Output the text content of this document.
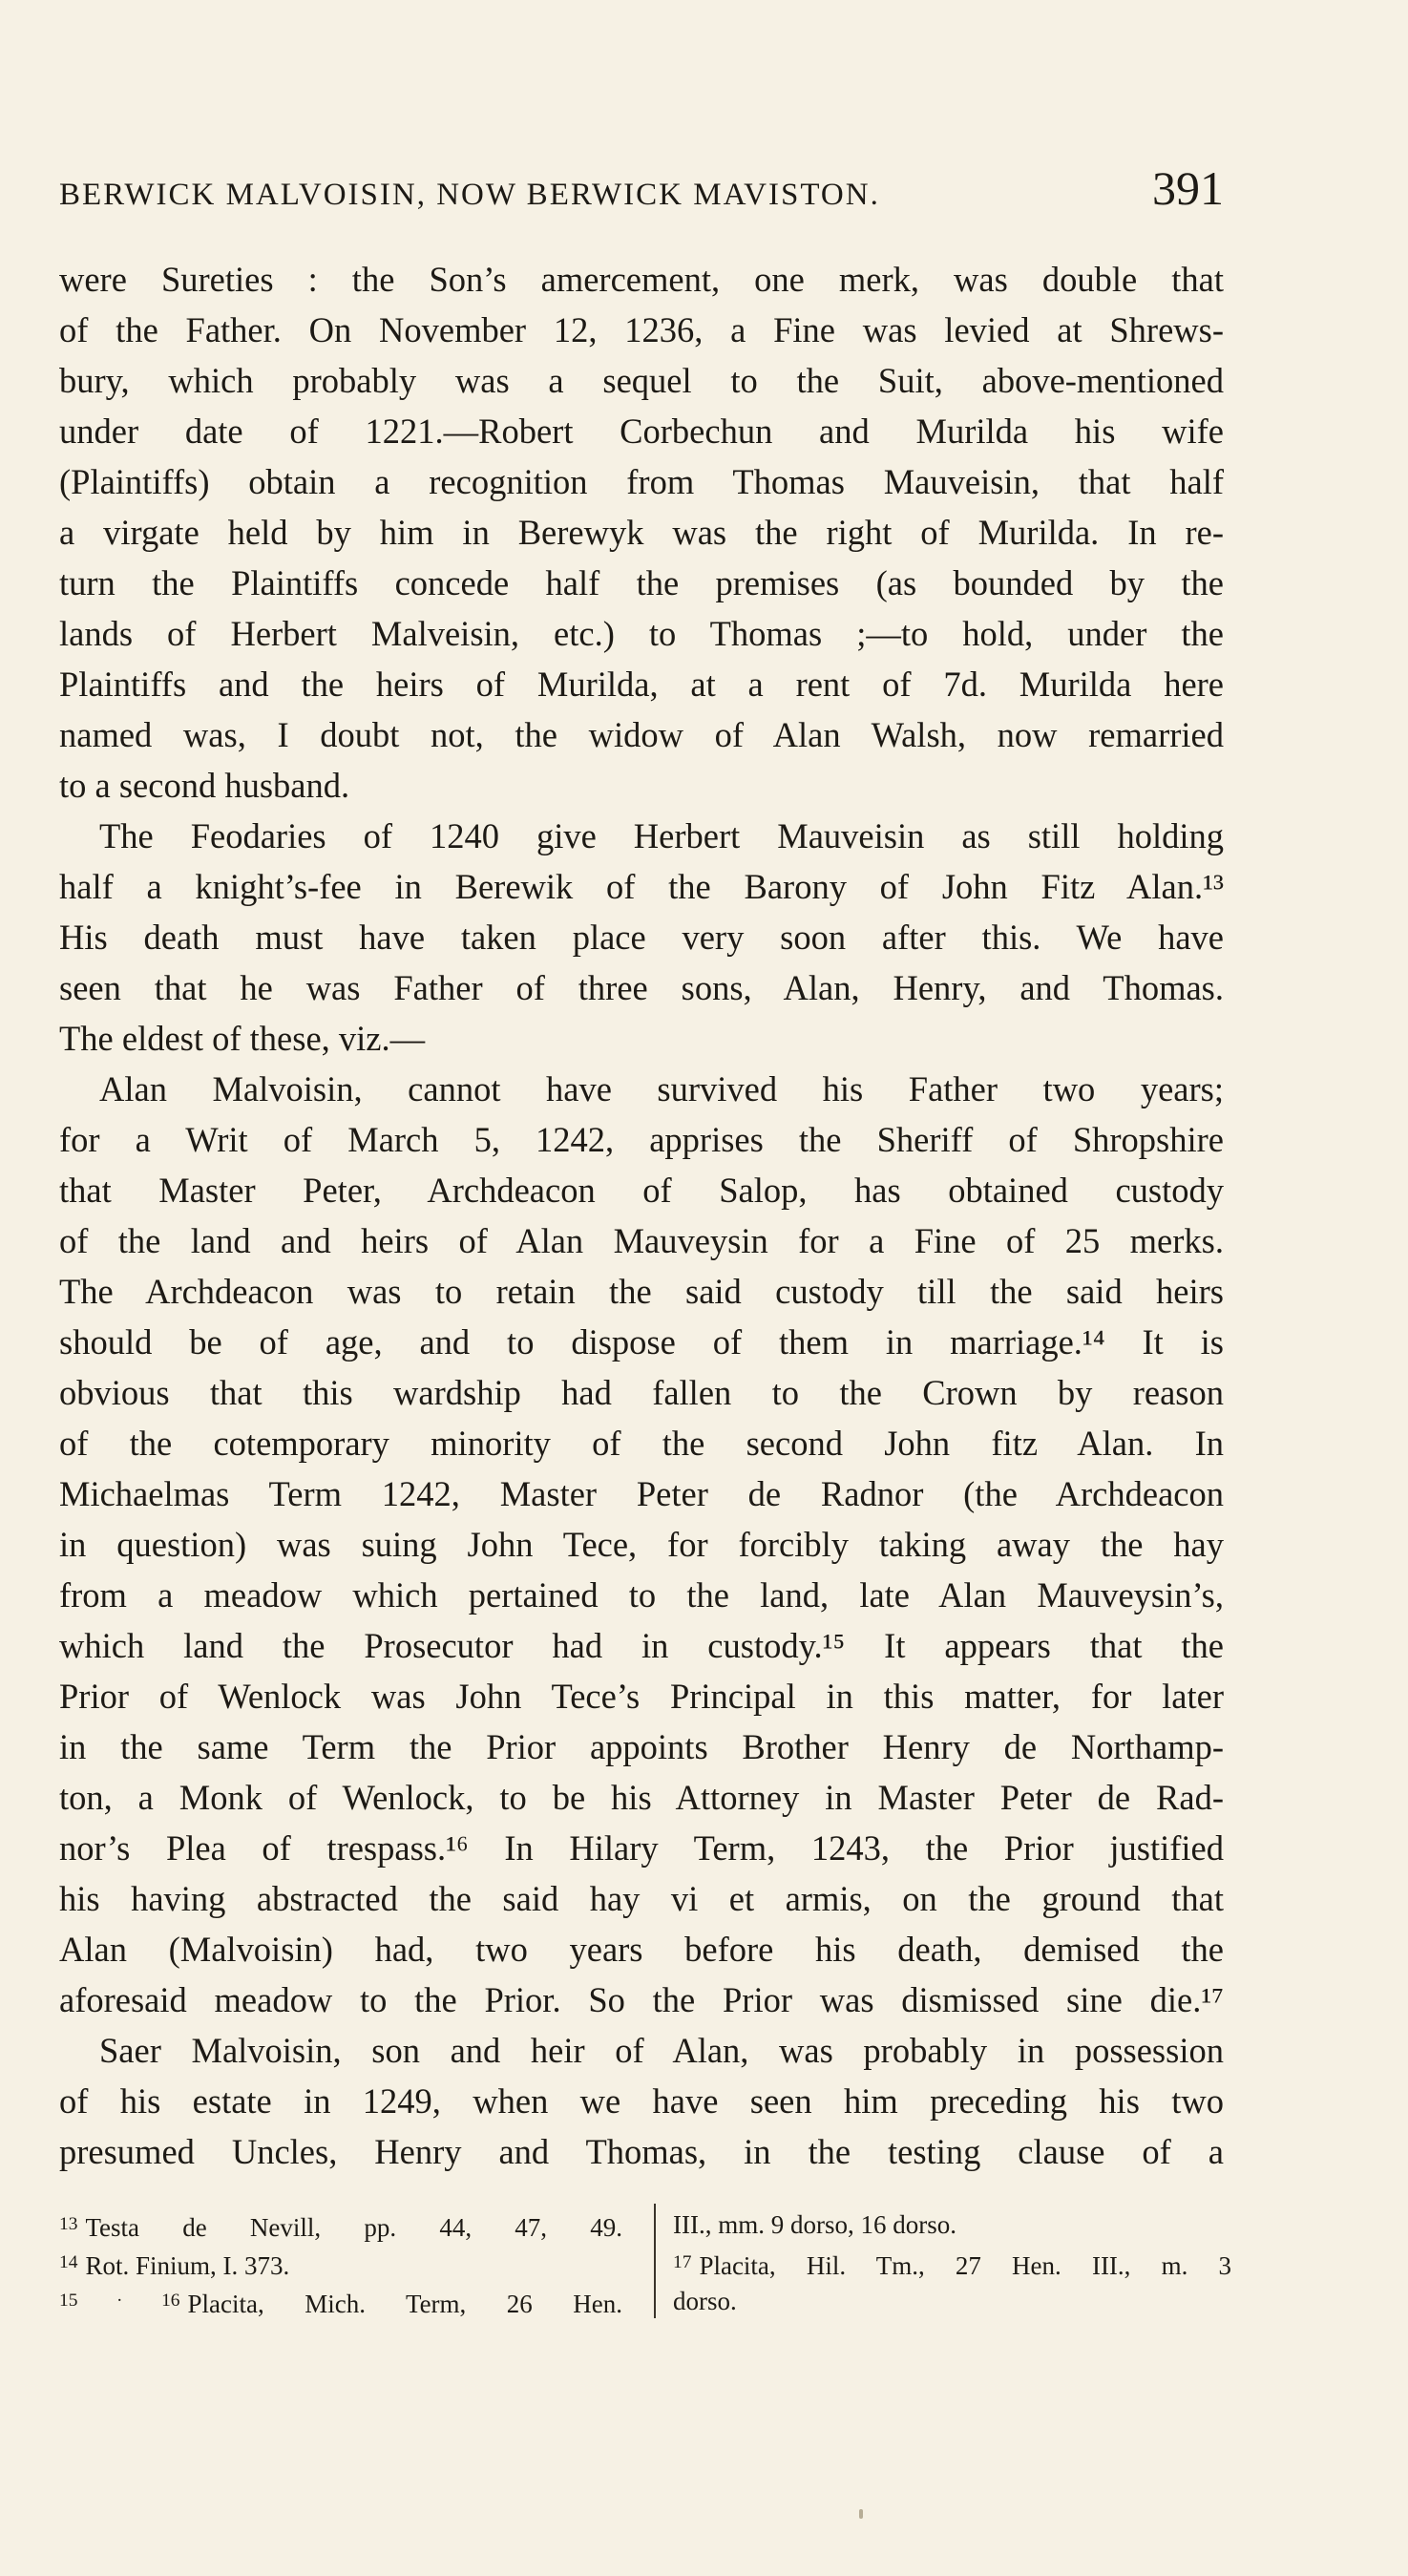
BERWICK MALVOISIN, NOW BERWICK MAVISTON.	391
were Sureties : the Son’s amercement, one merk, was double that
of the Father. On November 12, 1236, a Fine was levied at Shrews-
bury, which probably was a sequel to the Suit, above-mentioned
under date of 1221.—Robert Corbechun and Murilda his wife
(Plaintiffs) obtain a recognition from Thomas Mauveisin, that half
a virgate held by him in Berewyk was the right of Murilda. In re-
turn the Plaintiffs concede half the premises (as bounded by the
lands of Herbert Malveisin, etc.) to Thomas ;—to hold, under the
Plaintiffs and the heirs of Murilda, at a rent of 7d. Murilda here
named was, I doubt not, the widow of Alan Walsh, now remarried
to a second husband.
The Feodaries of 1240 give Herbert Mauveisin as still holding
half a knight’s-fee in Berewik of the Barony of John Fitz Alan.¹³
His death must have taken place very soon after this. We have
seen that he was Father of three sons, Alan, Henry, and Thomas.
The eldest of these, viz.—
Alan Malvoisin, cannot have survived his Father two years;
for a Writ of March 5, 1242, apprises the Sheriff of Shropshire
that Master Peter, Archdeacon of Salop, has obtained custody
of the land and heirs of Alan Mauveysin for a Fine of 25 merks.
The Archdeacon was to retain the said custody till the said heirs
should be of age, and to dispose of them in marriage.¹⁴ It is
obvious that this wardship had fallen to the Crown by reason
of the cotemporary minority of the second John fitz Alan. In
Michaelmas Term 1242, Master Peter de Radnor (the Archdeacon
in question) was suing John Tece, for forcibly taking away the hay
from a meadow which pertained to the land, late Alan Mauveysin’s,
which land the Prosecutor had in custody.¹⁵ It appears that the
Prior of Wenlock was John Tece’s Principal in this matter, for later
in the same Term the Prior appoints Brother Henry de Northamp-
ton, a Monk of Wenlock, to be his Attorney in Master Peter de Rad-
nor’s Plea of trespass.¹⁶ In Hilary Term, 1243, the Prior justified
his having abstracted the said hay vi et armis, on the ground that
Alan (Malvoisin) had, two years before his death, demised the
aforesaid meadow to the Prior. So the Prior was dismissed sine die.¹⁷
Saer Malvoisin, son and heir of Alan, was probably in possession
of his estate in 1249, when we have seen him preceding his two
presumed Uncles, Henry and Thomas, in the testing clause of a
$^{13}$ Testa de Nevill, pp. 44, 47, 49.
$^{14}$ Rot. Finium, I. 373.
$^{15 \cdot 16}$ Placita, Mich. Term, 26 Hen.
III., mm. 9 dorso, 16 dorso.
$^{17}$ Placita, Hil. Tm., 27 Hen. III., m. 3
dorso.
